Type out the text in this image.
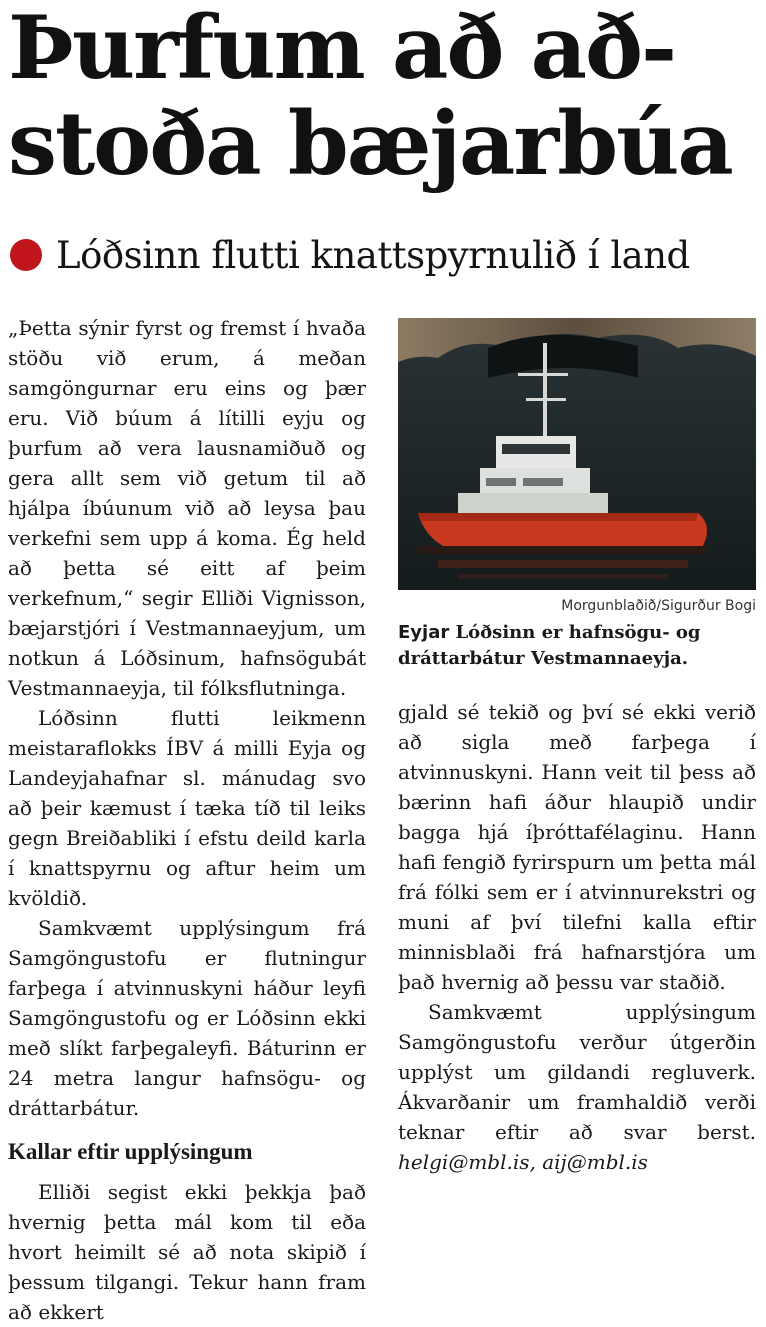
Þurfum að að-
stoða bæjarbúa
Lóðsinn flutti knattspyrnulið í land

„Þetta sýnir fyrst og fremst í hvaða stöðu við erum, á meðan samgöngurnar eru eins og þær eru. Við búum á lítilli eyju og þurfum að vera lausnamiðuð og gera allt sem við getum til að hjálpa íbúunum við að leysa þau verkefni sem upp á koma. Ég held að þetta sé eitt af þeim verkefnum,“ segir Elliði Vignisson, bæjarstjóri í Vestmannaeyjum, um notkun á Lóðsinum, hafnsögubát Vestmannaeyja, til fólksflutninga.

Lóðsinn flutti leikmenn meistaraflokks ÍBV á milli Eyja og Landeyjahafnar sl. mánudag svo að þeir kæmust í tæka tíð til leiks gegn Breiðabliki í efstu deild karla í knattspyrnu og aftur heim um kvöldið.

Samkvæmt upplýsingum frá Samgöngustofu er flutningur farþega í atvinnuskyni háður leyfi Samgöngustofu og er Lóðsinn ekki með slíkt farþegaleyfi. Báturinn er 24 metra langur hafnsögu- og dráttarbátur.

Kallar eftir upplýsingum

Elliði segist ekki þekkja það hvernig þetta mál kom til eða hvort heimilt sé að nota skipið í þessum tilgangi. Tekur hann fram að ekkert

Morgunblaðið/Sigurður Bogi
Eyjar Lóðsinn er hafnsögu- og dráttarbátur Vestmannaeyja.

gjald sé tekið og því sé ekki verið að sigla með farþega í atvinnuskyni. Hann veit til þess að bærinn hafi áður hlaupið undir bagga hjá íþróttafélaginu. Hann hafi fengið fyrirspurn um þetta mál frá fólki sem er í atvinnurekstri og muni af því tilefni kalla eftir minnisblaði frá hafnarstjóra um það hvernig að þessu var staðið.

Samkvæmt upplýsingum Samgöngustofu verður útgerðin upplýst um gildandi regluverk. Ákvarðanir um framhaldið verði teknar eftir að svar berst. helgi@mbl.is, aij@mbl.is
